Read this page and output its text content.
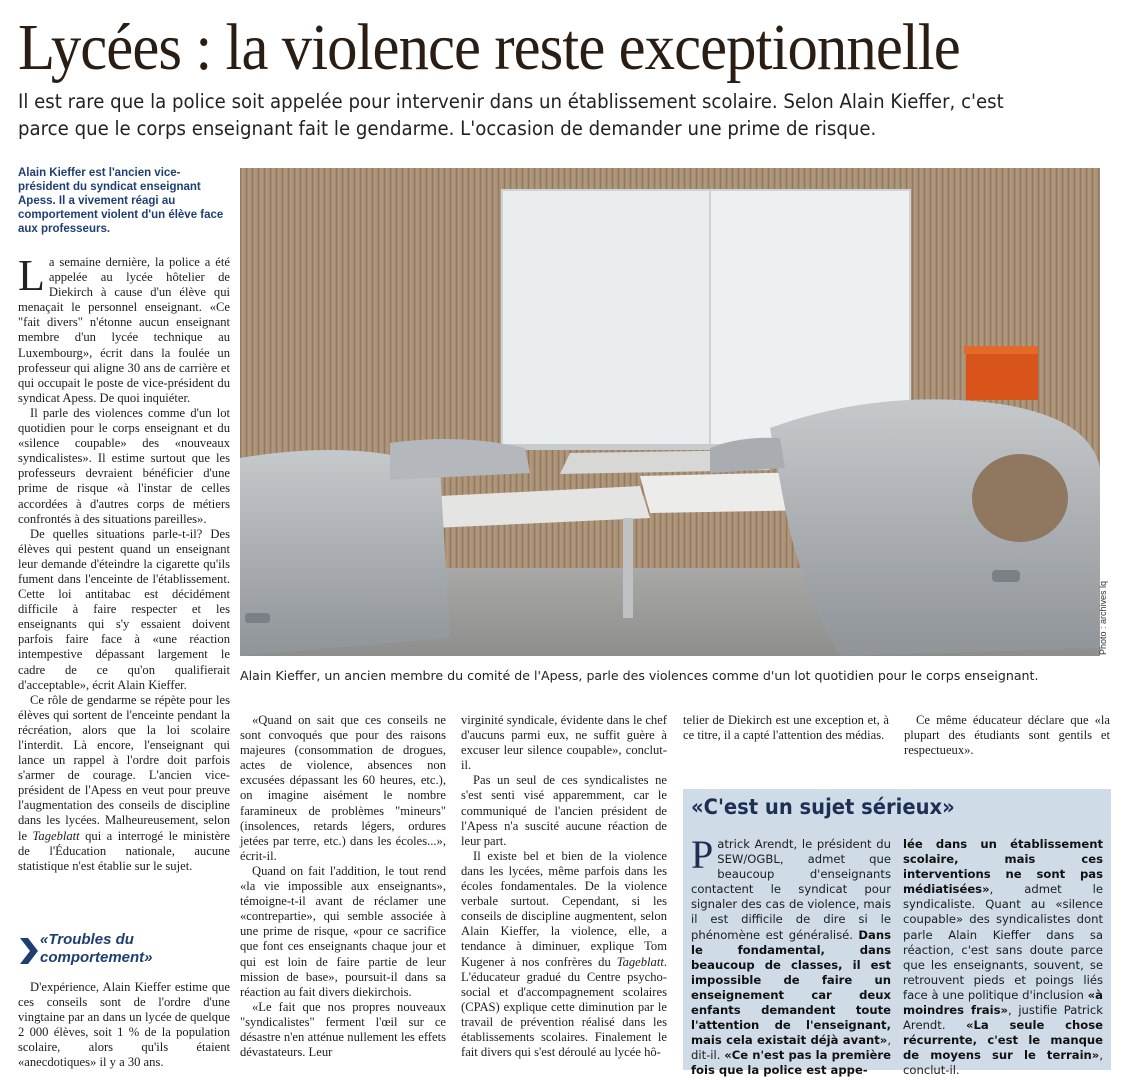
Lycées : la violence reste exceptionnelle
Il est rare que la police soit appelée pour intervenir dans un établissement scolaire. Selon Alain Kieffer, c'est parce que le corps enseignant fait le gendarme. L'occasion de demander une prime de risque.
Alain Kieffer est l'ancien vice-président du syndicat enseignant Apess. Il a vivement réagi au comportement violent d'un élève face aux professeurs.

La semaine dernière, la police a été appelée au lycée hôtelier de Diekirch à cause d'un élève qui menaçait le personnel enseignant. «Ce "fait divers" n'étonne aucun enseignant membre d'un lycée technique au Luxembourg», écrit dans la foulée un professeur qui aligne 30 ans de carrière et qui occupait le poste de vice-président du syndicat Apess. De quoi inquiéter.

Il parle des violences comme d'un lot quotidien pour le corps enseignant et du «silence coupable» des «nouveaux syndicalistes». Il estime surtout que les professeurs devraient bénéficier d'une prime de risque «à l'instar de celles accordées à d'autres corps de métiers confrontés à des situations pareilles».

De quelles situations parle-t-il? Des élèves qui pestent quand un enseignant leur demande d'éteindre la cigarette qu'ils fument dans l'enceinte de l'établissement. Cette loi antitabac est décidément difficile à faire respecter et les enseignants qui s'y essaient doivent parfois faire face à «une réaction intempestive dépassant largement le cadre de ce qu'on qualifierait d'acceptable», écrit Alain Kieffer.

Ce rôle de gendarme se répète pour les élèves qui sortent de l'enceinte pendant la récréation, alors que la loi scolaire l'interdit. Là encore, l'enseignant qui lance un rappel à l'ordre doit parfois s'armer de courage. L'ancien vice-président de l'Apess en veut pour preuve l'augmentation des conseils de discipline dans les lycées. Malheureusement, selon le Tageblatt qui a interrogé le ministère de l'Éducation nationale, aucune statistique n'est établie sur le sujet.

«Troubles du comportement»

D'expérience, Alain Kieffer estime que ces conseils sont de l'ordre d'une vingtaine par an dans un lycée de quelque 2 000 élèves, soit 1 % de la population scolaire, alors qu'ils étaient «anecdotiques» il y a 30 ans.

«Quand on sait que ces conseils ne sont convoqués que pour des raisons majeures (consommation de drogues, actes de violence, absences non excusées dépassant les 60 heures, etc.), on imagine aisément le nombre faramineux de problèmes "mineurs" (insolences, retards légers, ordures jetées par terre, etc.) dans les écoles...», écrit-il.

Quand on fait l'addition, le tout rend «la vie impossible aux enseignants», témoigne-t-il avant de réclamer une «contrepartie», qui semble associée à une prime de risque, «pour ce sacrifice que font ces enseignants chaque jour et qui est loin de faire partie de leur mission de base», poursuit-il dans sa réaction au fait divers diekirchois.

«Le fait que nos propres nouveaux "syndicalistes" ferment l'œil sur ce désastre n'en atténue nullement les effets dévastateurs. Leur

virginité syndicale, évidente dans le chef d'aucuns parmi eux, ne suffit guère à excuser leur silence coupable», conclut-il.

Pas un seul de ces syndicalistes ne s'est senti visé apparemment, car le communiqué de l'ancien président de l'Apess n'a suscité aucune réaction de leur part.

Il existe bel et bien de la violence dans les lycées, même parfois dans les écoles fondamentales. De la violence verbale surtout. Cependant, si les conseils de discipline augmentent, selon Alain Kieffer, la violence, elle, a tendance à diminuer, explique Tom Kugener à nos confrères du Tageblatt. L'éducateur gradué du Centre psycho-social et d'accompagnement scolaires (CPAS) explique cette diminution par le travail de prévention réalisé dans les établissements scolaires. Finalement le fait divers qui s'est déroulé au lycée hô-

telier de Diekirch est une exception et, à ce titre, il a capté l'attention des médias.

Ce même éducateur déclare que «la plupart des étudiants sont gentils et respectueux».

Photo : archives lq
Alain Kieffer, un ancien membre du comité de l'Apess, parle des violences comme d'un lot quotidien pour le corps enseignant.
«C'est un sujet sérieux»
Patrick Arendt, le président du SEW/OGBL, admet que beaucoup d'enseignants contactent le syndicat pour signaler des cas de violence, mais il est difficile de dire si le phénomène est généralisé. Dans le fondamental, dans beaucoup de classes, il est impossible de faire un enseignement car deux enfants demandent toute l'attention de l'enseignant, mais cela existait déjà avant», dit-il. «Ce n'est pas la première fois que la police est appe-
lée dans un établissement scolaire, mais ces interventions ne sont pas médiatisées», admet le syndicaliste. Quant au «silence coupable» des syndicalistes dont parle Alain Kieffer dans sa réaction, c'est sans doute parce que les enseignants, souvent, se retrouvent pieds et poings liés face à une politique d'inclusion «à moindres frais», justifie Patrick Arendt. «La seule chose récurrente, c'est le manque de moyens sur le terrain», conclut-il.
